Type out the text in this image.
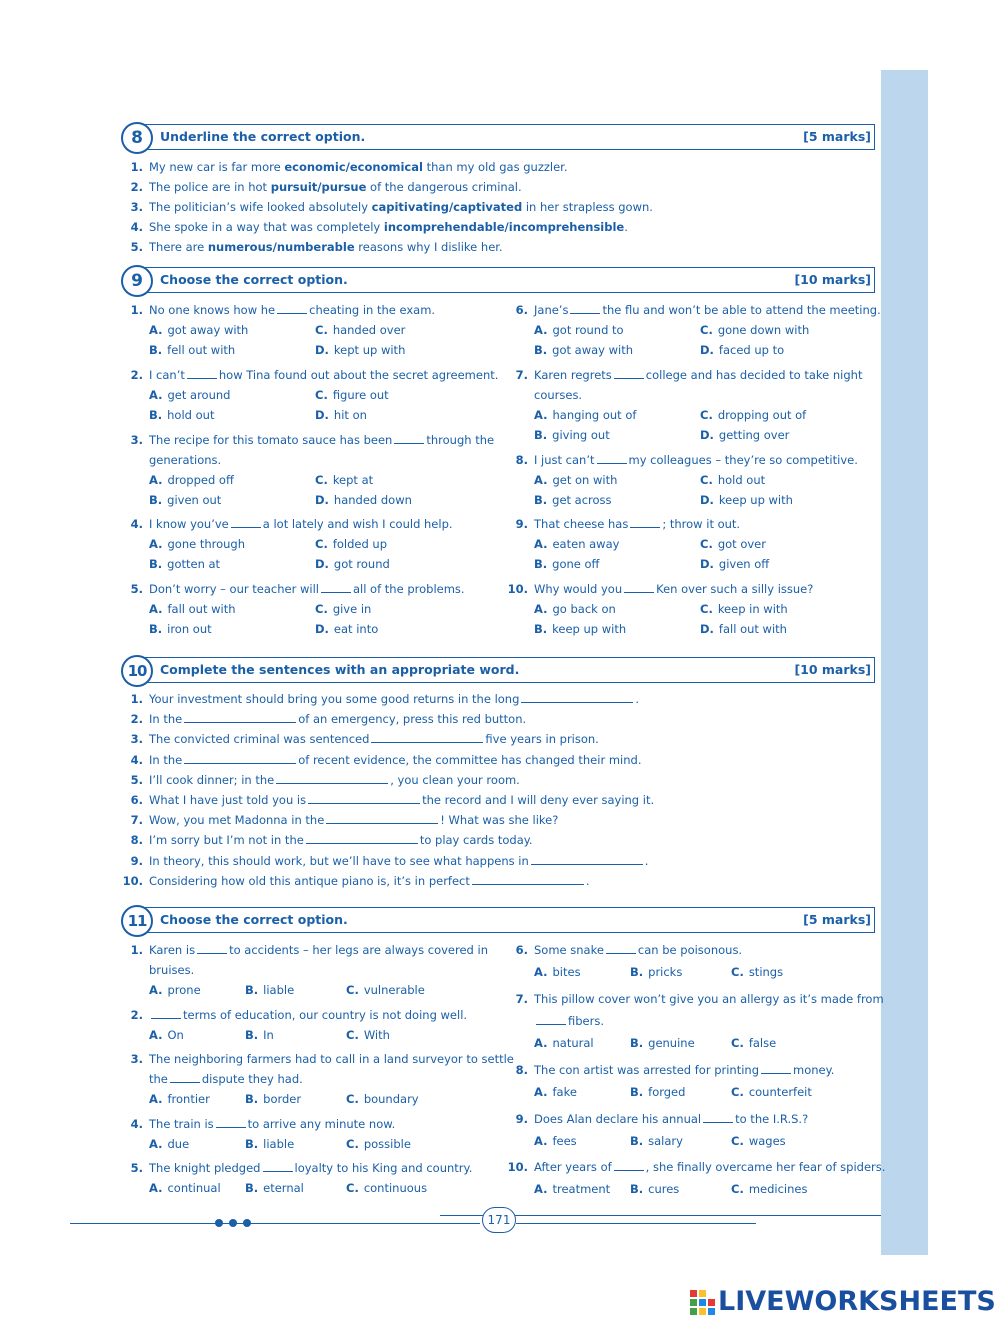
8	Underline the correct option.	[5 marks]
1. My new car is far more economic/economical than my old gas guzzler.
2. The police are in hot pursuit/pursue of the dangerous criminal.
3. The politician’s wife looked absolutely capitivating/captivated in her strapless gown.
4. She spoke in a way that was completely incomprehendable/incomprehensible.
5. There are numerous/numberable reasons why I dislike her.
9	Choose the correct option.	[10 marks]
1. No one knows how he	cheating in the exam.
A. got away with	C. handed over
B. fell out with	D. kept up with
2. I can’t	how Tina found out about the secret agreement.
A. get around	C. figure out
B. hold out	D. hit on
3. The recipe for this tomato sauce has been	through the
generations.
A. dropped off	C. kept at
B. given out	D. handed down
4. I know you’ve	a lot lately and wish I could help.
A. gone through	C. folded up
B. gotten at	D. got round
5. Don’t worry – our teacher will	all of the problems.
A. fall out with	C. give in
B. iron out	D. eat into
6. Jane’s	the flu and won’t be able to attend the meeting.
A. got round to	C. gone down with
B. got away with	D. faced up to
7. Karen regrets	college and has decided to take night
courses.
A. hanging out of	C. dropping out of
B. giving out	D. getting over
8. I just can’t	my colleagues – they’re so competitive.
A. get on with	C. hold out
B. get across	D. keep up with
9. That cheese has	; throw it out.
A. eaten away	C. got over
B. gone off	D. given off
10. Why would you	Ken over such a silly issue?
A. go back on	C. keep in with
B. keep up with	D. fall out with
10	Complete the sentences with an appropriate word.	[10 marks]
1. Your investment should bring you some good returns in the long	.
2. In the	of an emergency, press this red button.
3. The convicted criminal was sentenced	five years in prison.
4. In the	of recent evidence, the committee has changed their mind.
5. I’ll cook dinner; in the	, you clean your room.
6. What I have just told you is	the record and I will deny ever saying it.
7. Wow, you met Madonna in the	! What was she like?
8. I’m sorry but I’m not in the	to play cards today.
9. In theory, this should work, but we’ll have to see what happens in	.
10. Considering how old this antique piano is, it’s in perfect	.
11	Choose the correct option.	[5 marks]
1. Karen is	to accidents – her legs are always covered in
bruises.
A. prone	B. liable	C. vulnerable
2.	terms of education, our country is not doing well.
A. On	B. In	C. With
3. The neighboring farmers had to call in a land surveyor to settle
the	dispute they had.
A. frontier	B. border	C. boundary
4. The train is	to arrive any minute now.
A. due	B. liable	C. possible
5. The knight pledged	loyalty to his King and country.
A. continual B. eternal	C. continuous
6. Some snake	can be poisonous.
A. bites	B. pricks	C. stings
7. This pillow cover won’t give you an allergy as it’s made from
fibers.
A. natural	B. genuine	C. false
8. The con artist was arrested for printing	money.
A. fake	B. forged	C. counterfeit
9. Does Alan declare his annual	to the I.R.S.?
A. fees	B. salary	C. wages
10. After years of	, she finally overcame her fear of spiders.
A. treatment B. cures	C. medicines
171
LIVEWORKSHEETS
